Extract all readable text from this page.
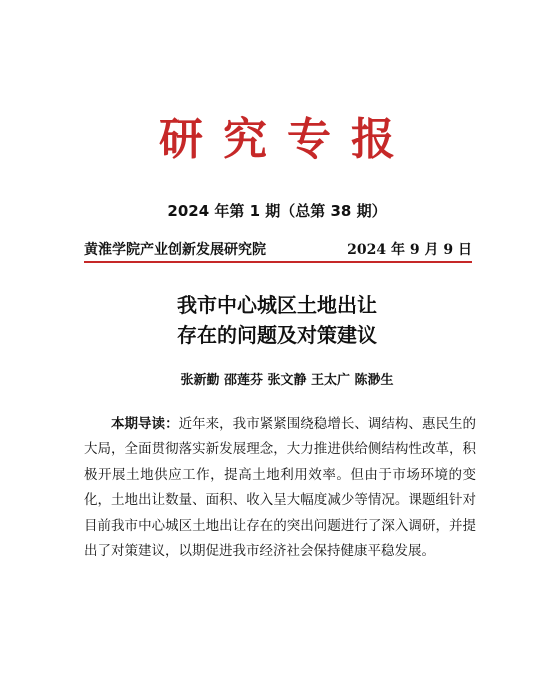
研究专报
2024 年第 1 期（总第 38 期）
黄淮学院产业创新发展研究院	2024 年 9 月 9 日
我市中心城区土地出让
存在的问题及对策建议
张新勤 邵莲芬 张文静 王太广 陈渺生
本期导读：近年来，我市紧紧围绕稳增长、调结构、惠民生的大局，全面贯彻落实新发展理念，大力推进供给侧结构性改革，积极开展土地供应工作，提高土地利用效率。但由于市场环境的变化，土地出让数量、面积、收入呈大幅度减少等情况。课题组针对目前我市中心城区土地出让存在的突出问题进行了深入调研，并提出了对策建议，以期促进我市经济社会保持健康平稳发展。
